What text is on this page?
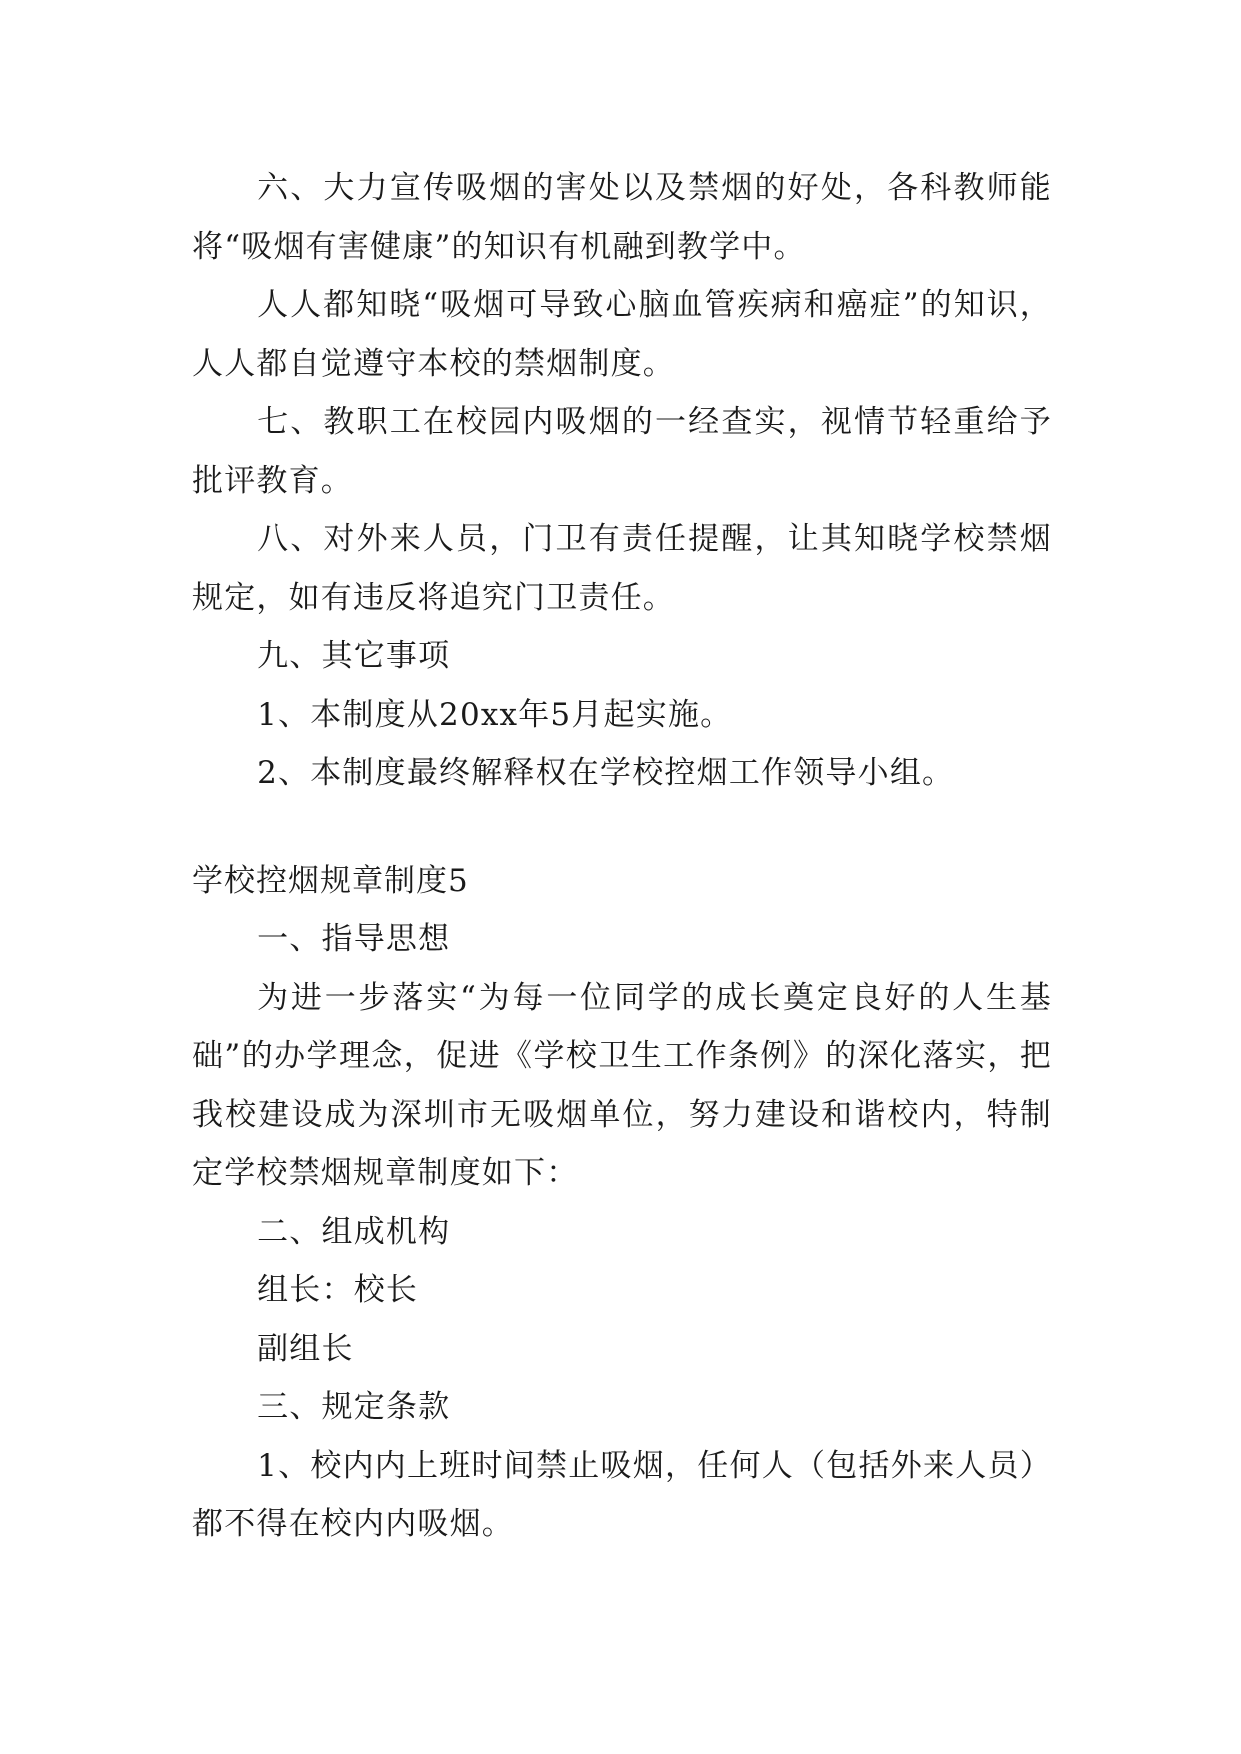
六、大力宣传吸烟的害处以及禁烟的好处，各科教师能将“吸烟有害健康”的知识有机融到教学中。

人人都知晓“吸烟可导致心脑血管疾病和癌症”的知识，人人都自觉遵守本校的禁烟制度。

七、教职工在校园内吸烟的一经查实，视情节轻重给予批评教育。

八、对外来人员，门卫有责任提醒，让其知晓学校禁烟规定，如有违反将追究门卫责任。

九、其它事项

1、本制度从20xx年5月起实施。

2、本制度最终解释权在学校控烟工作领导小组。

学校控烟规章制度5

一、指导思想

为进一步落实“为每一位同学的成长奠定良好的人生基础”的办学理念，促进《学校卫生工作条例》的深化落实，把我校建设成为深圳市无吸烟单位，努力建设和谐校内，特制定学校禁烟规章制度如下：

二、组成机构

组长：校长

副组长

三、规定条款

1、校内内上班时间禁止吸烟，任何人（包括外来人员）都不得在校内内吸烟。
